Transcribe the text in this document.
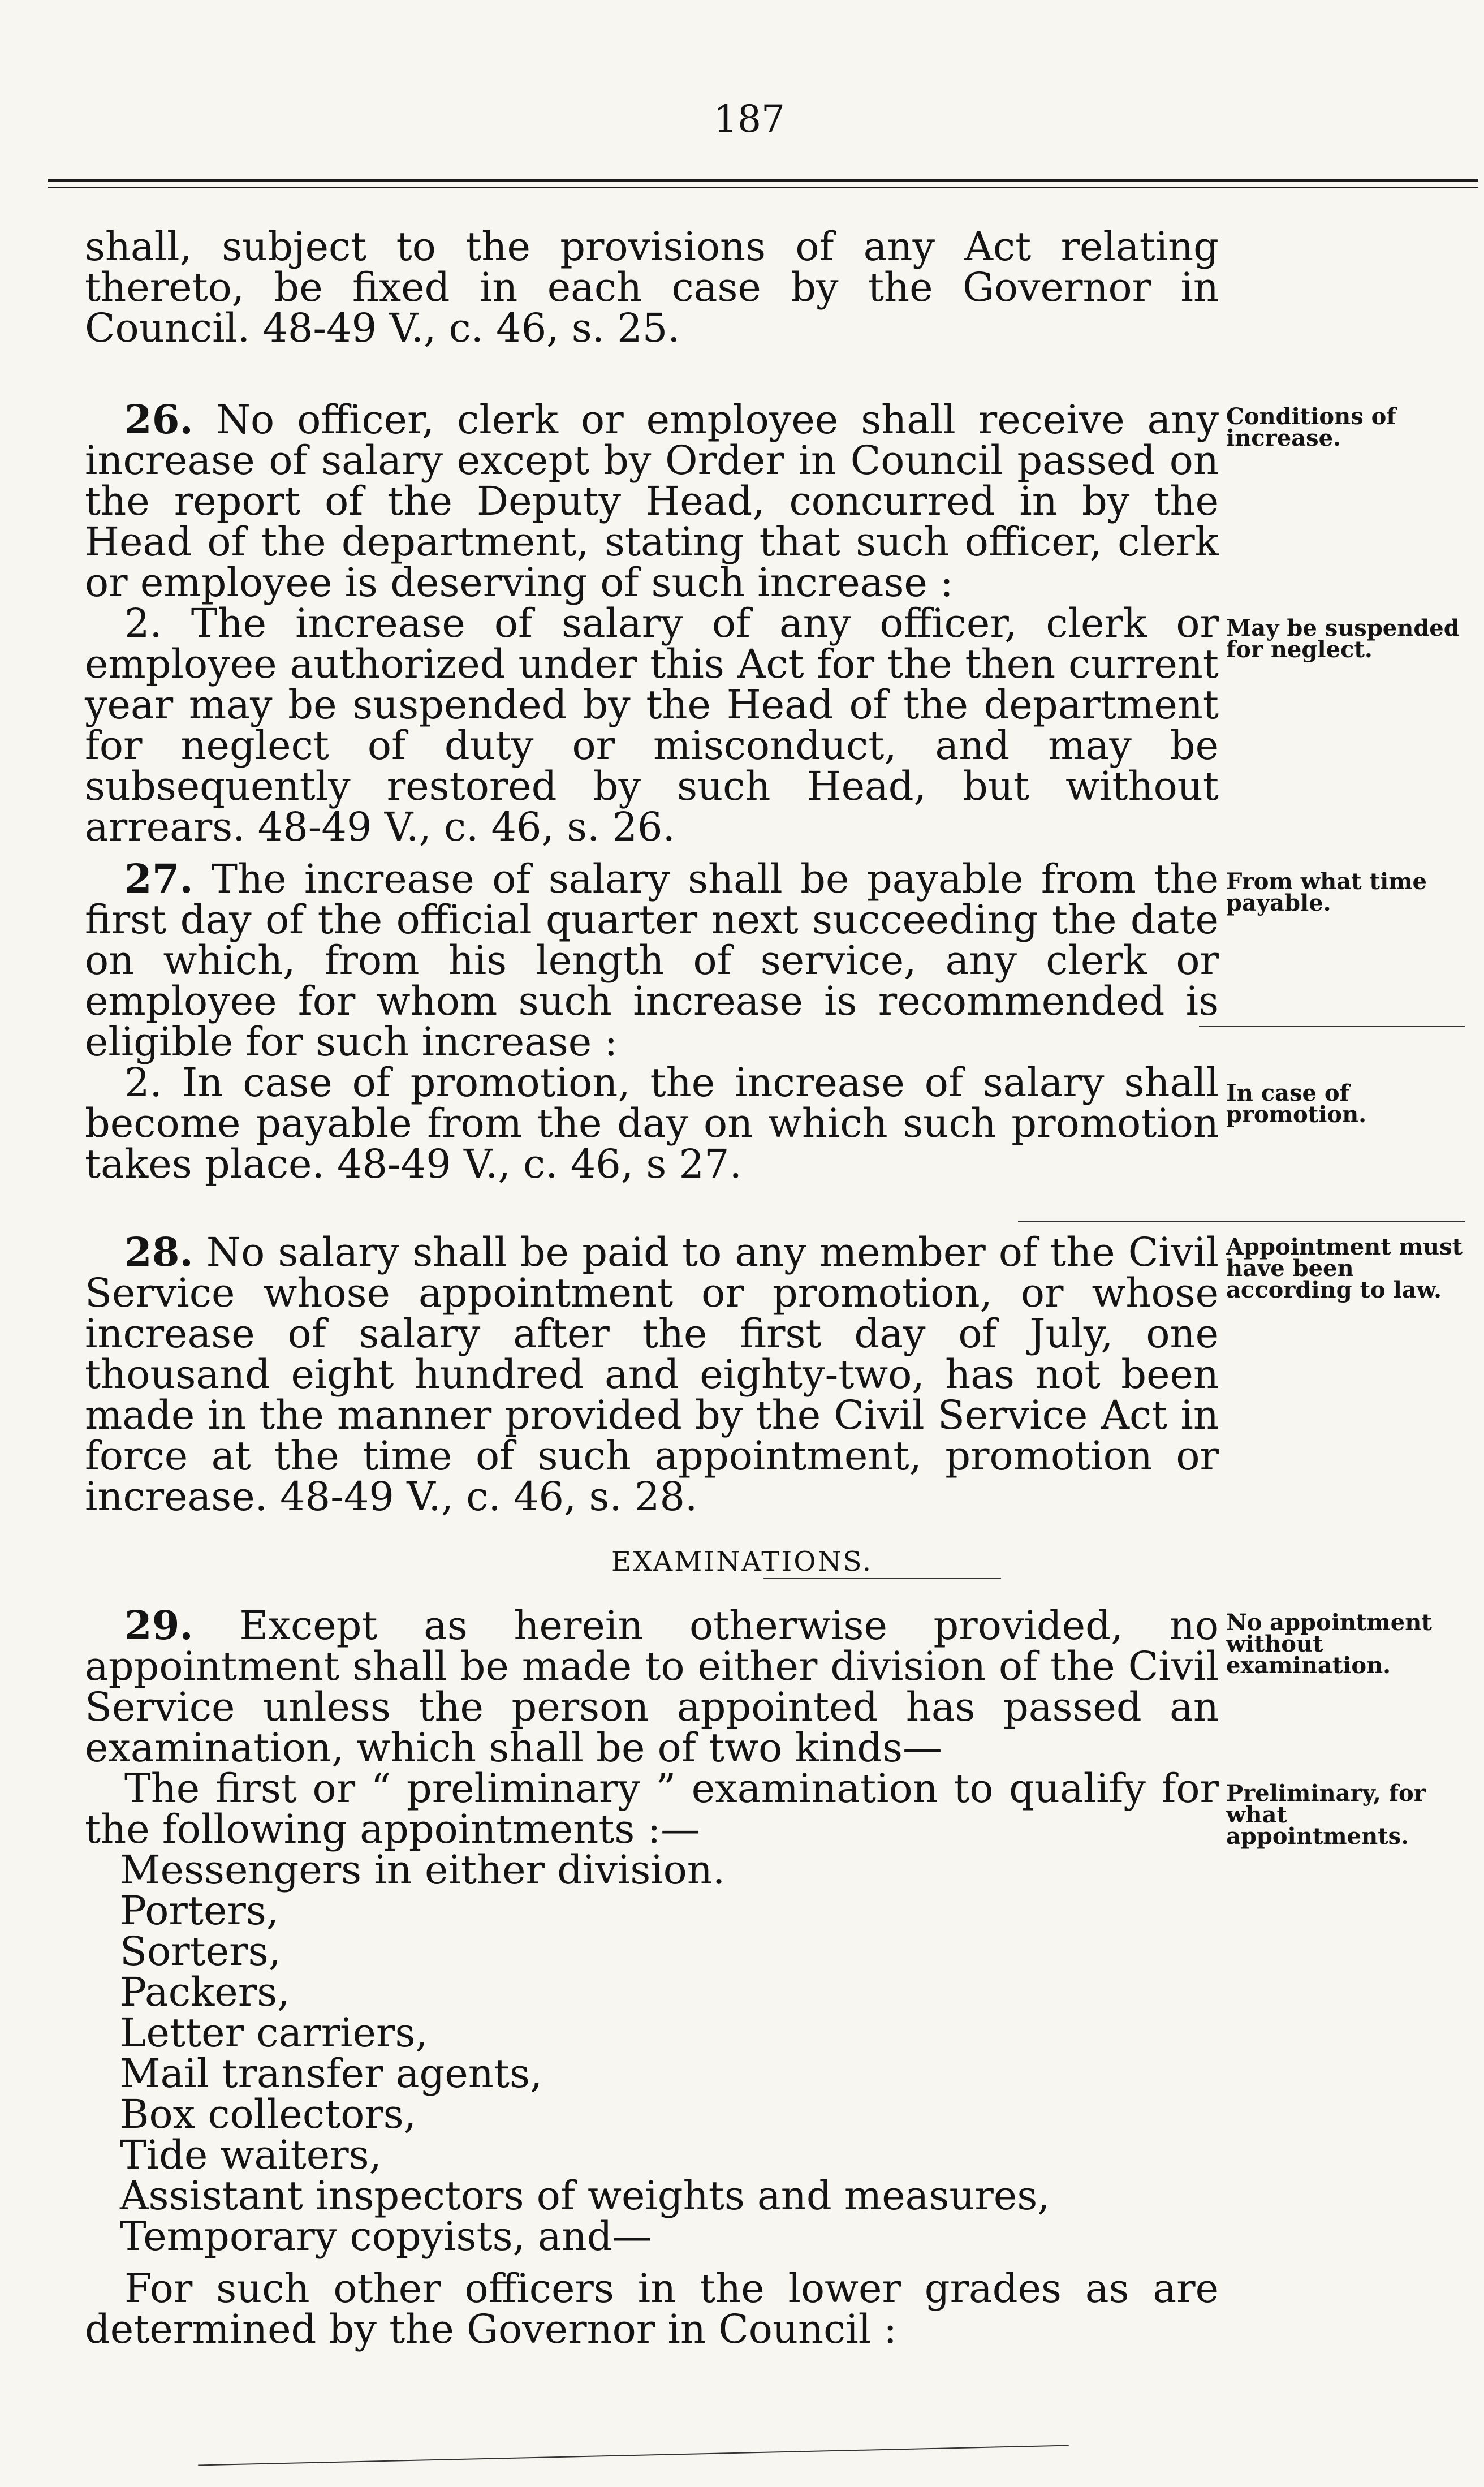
187

shall, subject to the provisions of any Act relating thereto, be fixed in each case by the Governor in Council. 48-49 V., c. 46, s. 25.

26. No officer, clerk or employee shall receive any increase of salary except by Order in Council passed on the report of the Deputy Head, concurred in by the Head of the department, stating that such officer, clerk or employee is deserving of such increase :

2. The increase of salary of any officer, clerk or employee authorized under this Act for the then current year may be suspended by the Head of the department for neglect of duty or misconduct, and may be subsequently restored by such Head, but without arrears. 48-49 V., c. 46, s. 26.

27. The increase of salary shall be payable from the first day of the official quarter next succeeding the date on which, from his length of service, any clerk or employee for whom such increase is recommended is eligible for such increase :

2. In case of promotion, the increase of salary shall become payable from the day on which such promotion takes place. 48-49 V., c. 46, s 27.

28. No salary shall be paid to any member of the Civil Service whose appointment or promotion, or whose increase of salary after the first day of July, one thousand eight hundred and eighty-two, has not been made in the manner provided by the Civil Service Act in force at the time of such appointment, promotion or increase. 48-49 V., c. 46, s. 28.

EXAMINATIONS.

29. Except as herein otherwise provided, no appointment shall be made to either division of the Civil Service unless the person appointed has passed an examination, which shall be of two kinds—

The first or “ preliminary ” examination to qualify for the following appointments :—

Messengers in either division.
Porters,
Sorters,
Packers,
Letter carriers,
Mail transfer agents,
Box collectors,
Tide waiters,
Assistant inspectors of weights and measures,
Temporary copyists, and—

For such other officers in the lower grades as are determined by the Governor in Council :

Conditions of increase.
May be suspended for neglect.
From what time payable.
In case of promotion.
Appointment must have been according to law.
No appointment without examination.
Preliminary, for what appointments.
